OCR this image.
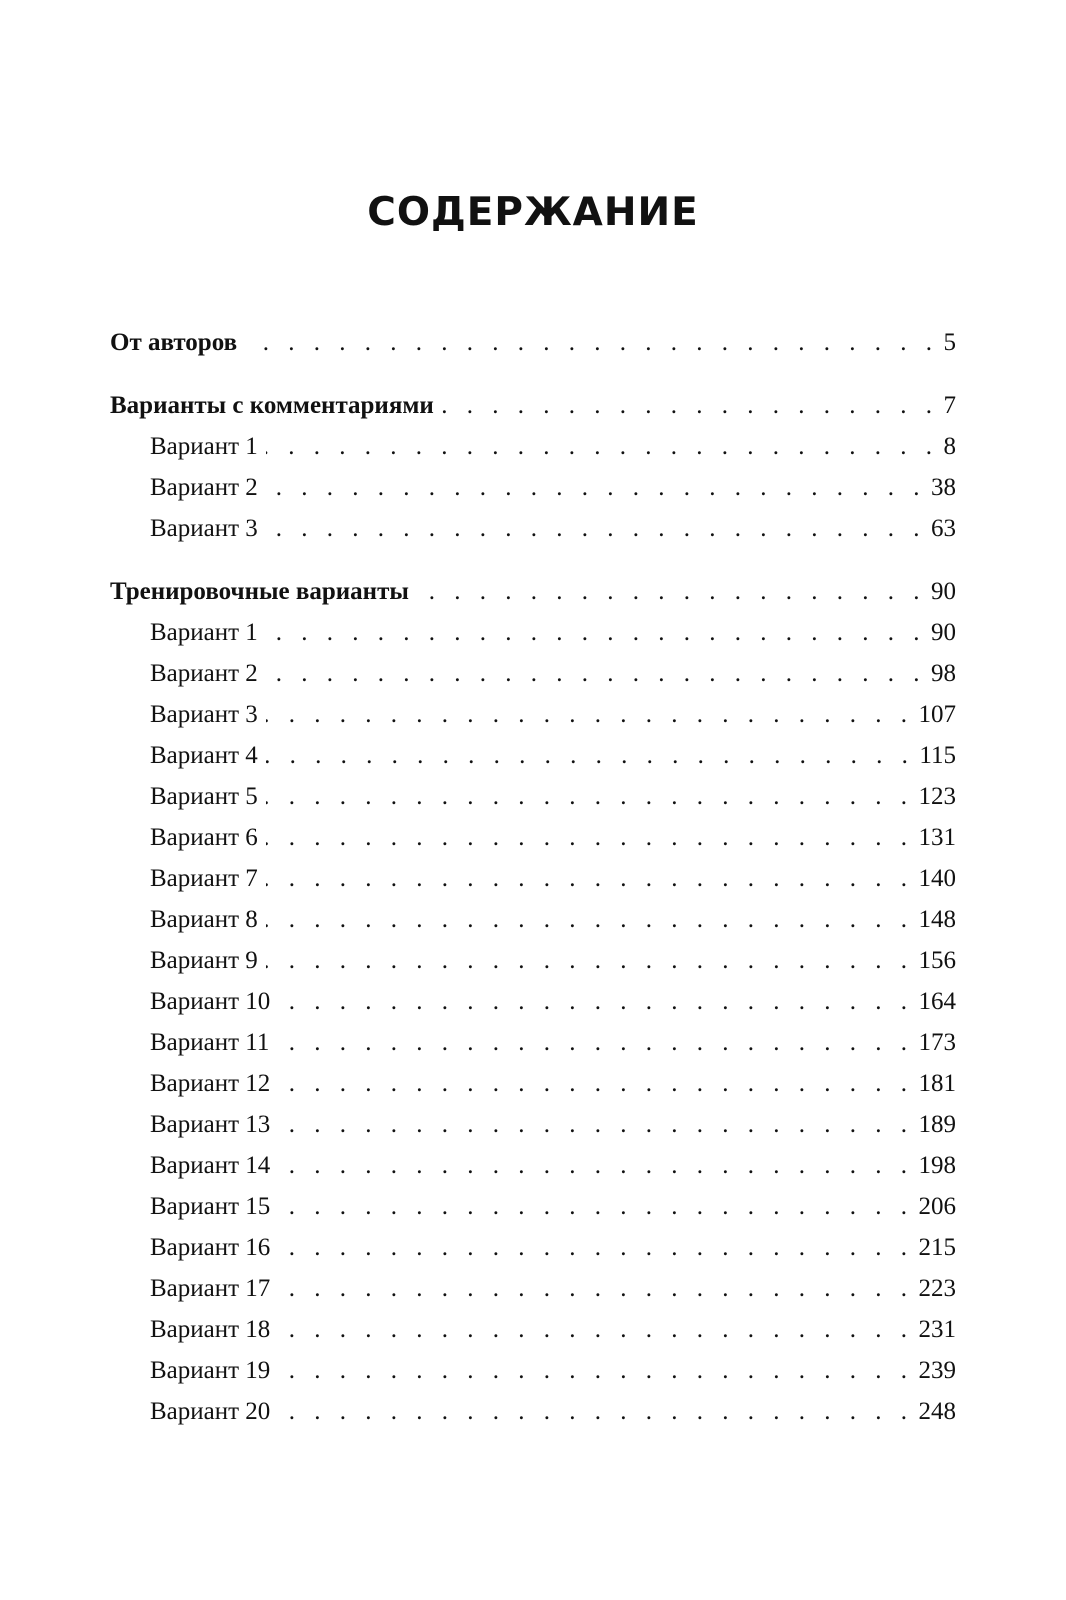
СОДЕРЖАНИЕ
От авторов . . .	5
Варианты с комментариями . . .	7
Вариант 1 . . .	8
Вариант 2 . . .	38
Вариант 3 . . .	63
Тренировочные варианты . . .	90
Вариант 1 . . .	90
Вариант 2 . . .	98
Вариант 3 . . .	107
Вариант 4 . . .	115
Вариант 5 . . .	123
Вариант 6 . . .	131
Вариант 7 . . .	140
Вариант 8 . . .	148
Вариант 9 . . .	156
Вариант 10 . . .	164
Вариант 11 . . .	173
Вариант 12 . . .	181
Вариант 13 . . .	189
Вариант 14 . . .	198
Вариант 15 . . .	206
Вариант 16 . . .	215
Вариант 17 . . .	223
Вариант 18 . . .	231
Вариант 19 . . .	239
Вариант 20 . . .	248
